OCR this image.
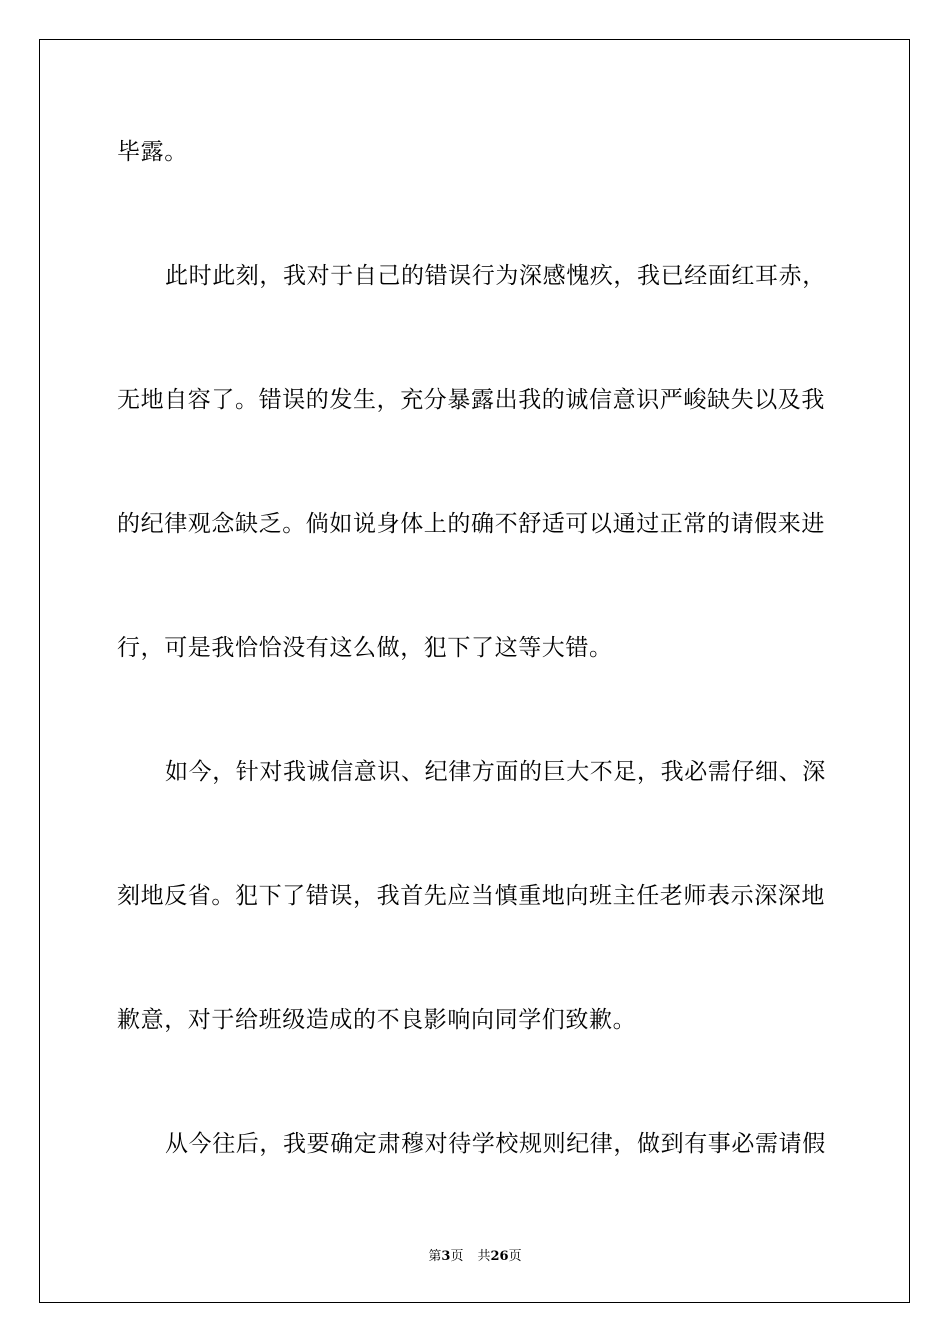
毕露。
此时此刻，我对于自己的错误行为深感愧疚，我已经面红耳赤，
无地自容了。错误的发生，充分暴露出我的诚信意识严峻缺失以及我
的纪律观念缺乏。倘如说身体上的确不舒适可以通过正常的请假来进
行，可是我恰恰没有这么做，犯下了这等大错。
如今，针对我诚信意识、纪律方面的巨大不足，我必需仔细、深
刻地反省。犯下了错误，我首先应当慎重地向班主任老师表示深深地
歉意，对于给班级造成的不良影响向同学们致歉。
从今往后，我要确定肃穆对待学校规则纪律，做到有事必需请假
第3页 共26页
